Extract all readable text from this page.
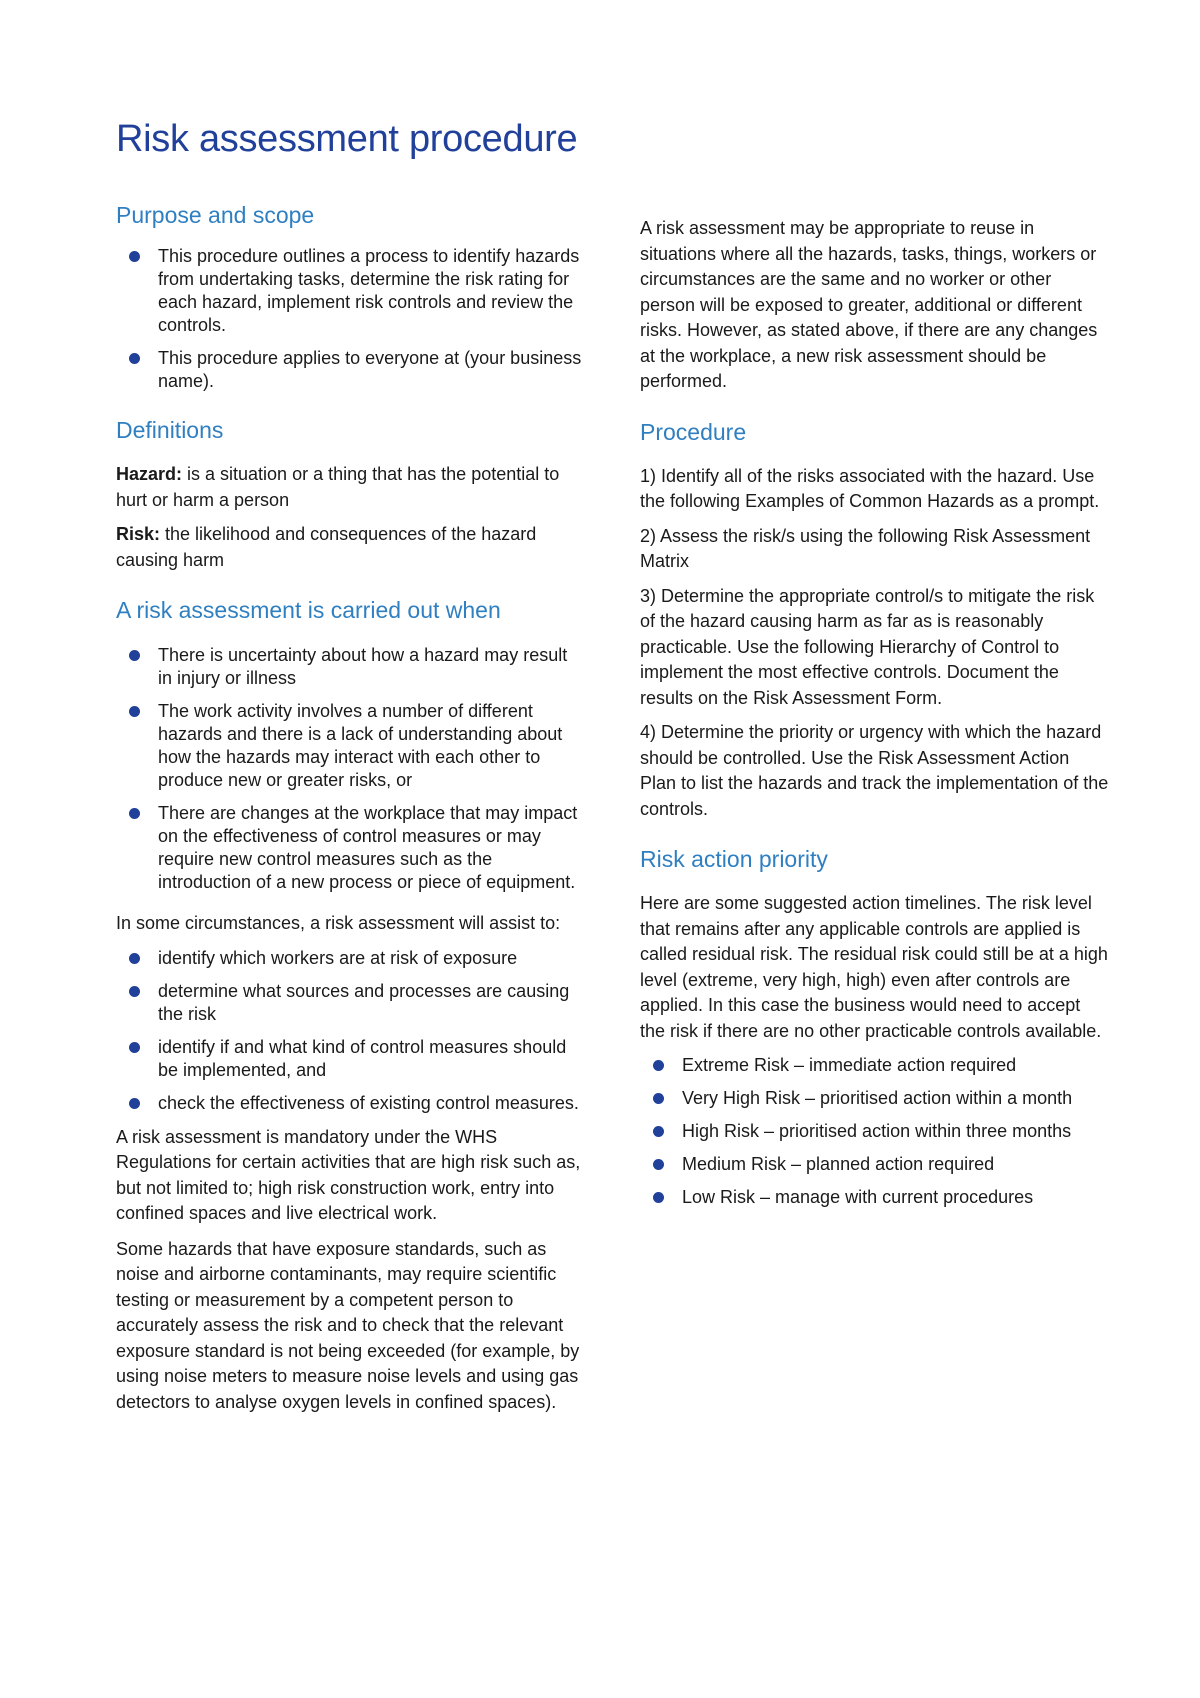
Risk assessment procedure
Purpose and scope
This procedure outlines a process to identify hazards from undertaking tasks, determine the risk rating for each hazard, implement risk controls and review the controls.
This procedure applies to everyone at (your business name).
Definitions

Hazard: is a situation or a thing that has the potential to hurt or harm a person

Risk: the likelihood and consequences of the hazard causing harm

A risk assessment is carried out when
There is uncertainty about how a hazard may result in injury or illness
The work activity involves a number of different hazards and there is a lack of understanding about how the hazards may interact with each other to produce new or greater risks, or
There are changes at the workplace that may impact on the effectiveness of control measures or may require new control measures such as the introduction of a new process or piece of equipment.

In some circumstances, a risk assessment will assist to:

identify which workers are at risk of exposure
determine what sources and processes are causing the risk
identify if and what kind of control measures should be implemented, and
check the effectiveness of existing control measures.

A risk assessment is mandatory under the WHS Regulations for certain activities that are high risk such as, but not limited to; high risk construction work, entry into confined spaces and live electrical work.

Some hazards that have exposure standards, such as noise and airborne contaminants, may require scientific testing or measurement by a competent person to accurately assess the risk and to check that the relevant exposure standard is not being exceeded (for example, by using noise meters to measure noise levels and using gas detectors to analyse oxygen levels in confined spaces).

A risk assessment may be appropriate to reuse in situations where all the hazards, tasks, things, workers or circumstances are the same and no worker or other person will be exposed to greater, additional or different risks. However, as stated above, if there are any changes at the workplace, a new risk assessment should be performed.

Procedure

1) Identify all of the risks associated with the hazard. Use the following Examples of Common Hazards as a prompt.

2) Assess the risk/s using the following Risk Assessment Matrix

3) Determine the appropriate control/s to mitigate the risk of the hazard causing harm as far as is reasonably practicable. Use the following Hierarchy of Control to implement the most effective controls. Document the results on the Risk Assessment Form.

4) Determine the priority or urgency with which the hazard should be controlled. Use the Risk Assessment Action Plan to list the hazards and track the implementation of the controls.

Risk action priority

Here are some suggested action timelines. The risk level that remains after any applicable controls are applied is called residual risk. The residual risk could still be at a high level (extreme, very high, high) even after controls are applied. In this case the business would need to accept the risk if there are no other practicable controls available.

Extreme Risk – immediate action required
Very High Risk – prioritised action within a month
High Risk – prioritised action within three months
Medium Risk – planned action required
Low Risk – manage with current procedures
